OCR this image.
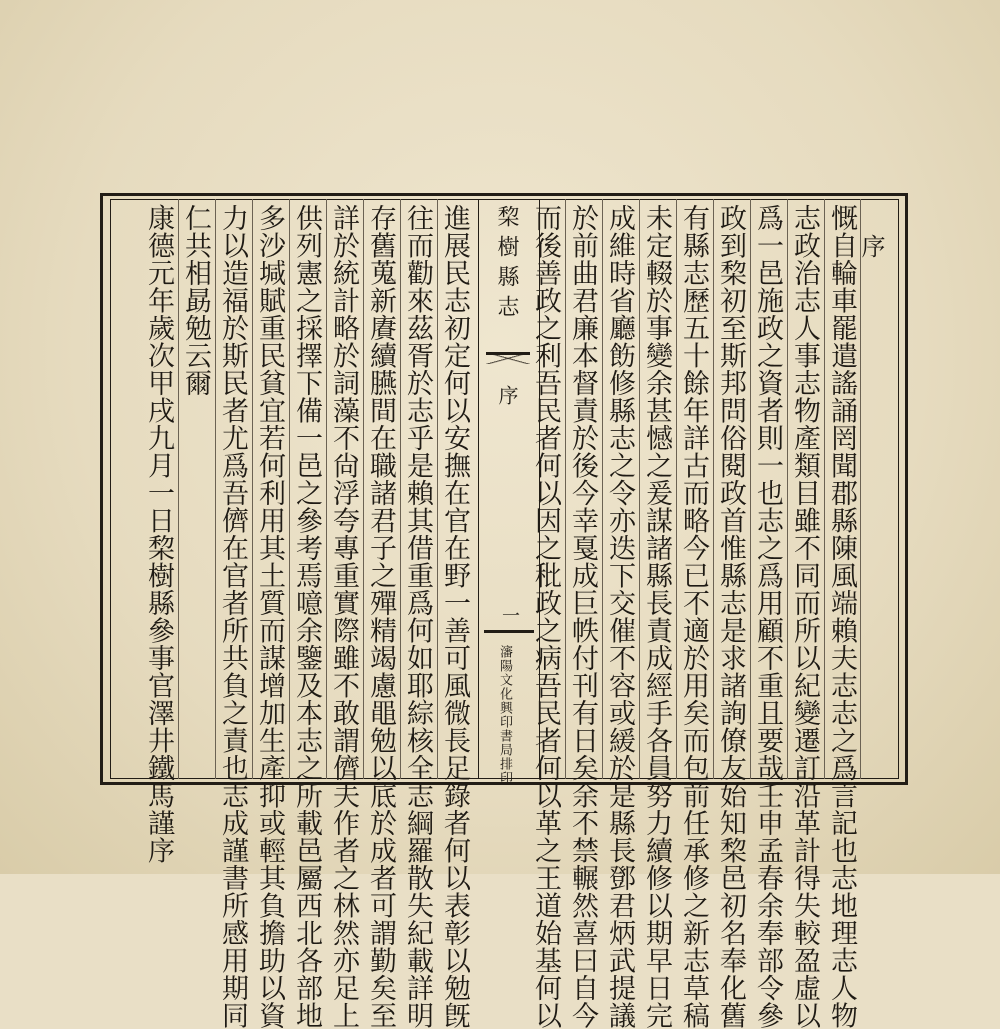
序
慨自輪車罷遣謠誦罔聞郡縣陳風端賴夫志志之爲言記也志地理志人物
志政治志人事志物產類目雖不同而所以紀變遷訂沿革計得失較盈虛以
爲一邑施政之資者則一也志之爲用顧不重且要哉壬申孟春余奉部令參
政到棃初至斯邦問俗閱政首惟縣志是求諸詢僚友始知棃邑初名奉化舊
有縣志歷五十餘年詳古而略今已不適於用矣而包前任承修之新志草稿
未定輟於事變余甚憾之爰謀諸縣長責成經手各員努力續修以期早日完
成維時省廳飭修縣志之令亦迭下交催不容或緩於是縣長鄧君炳武提議
於前曲君廉本督責於後今幸戛成巨帙付刊有日矣余不禁輾然喜曰自今
而後善政之利吾民者何以因之秕政之病吾民者何以革之王道始基何以
棃樹縣志
序
一
瀋陽文化興印書局排印
進展民志初定何以安撫在官在野一善可風微長足錄者何以表彰以勉旣
往而勸來茲胥於志乎是賴其借重爲何如耶綜核全志綱羅散失紀載詳明
存舊蒐新賡續臙間在職諸君子之殫精竭慮黽勉以底於成者可謂勤矣至
詳於統計略於詞藻不尙浮夸專重實際雖不敢謂儕夫作者之林然亦足上
供列憲之採擇下備一邑之參考焉噫余鑒及本志之所載邑屬西北各部地
多沙堿賦重民貧宜若何利用其土質而謀增加生產抑或輕其負擔助以資
力以造福於斯民者尤爲吾儕在官者所共負之責也志成謹書所感用期同
仁共相勗勉云爾
康德元年歲次甲戌九月一日棃樹縣參事官澤井鐵馬謹序
